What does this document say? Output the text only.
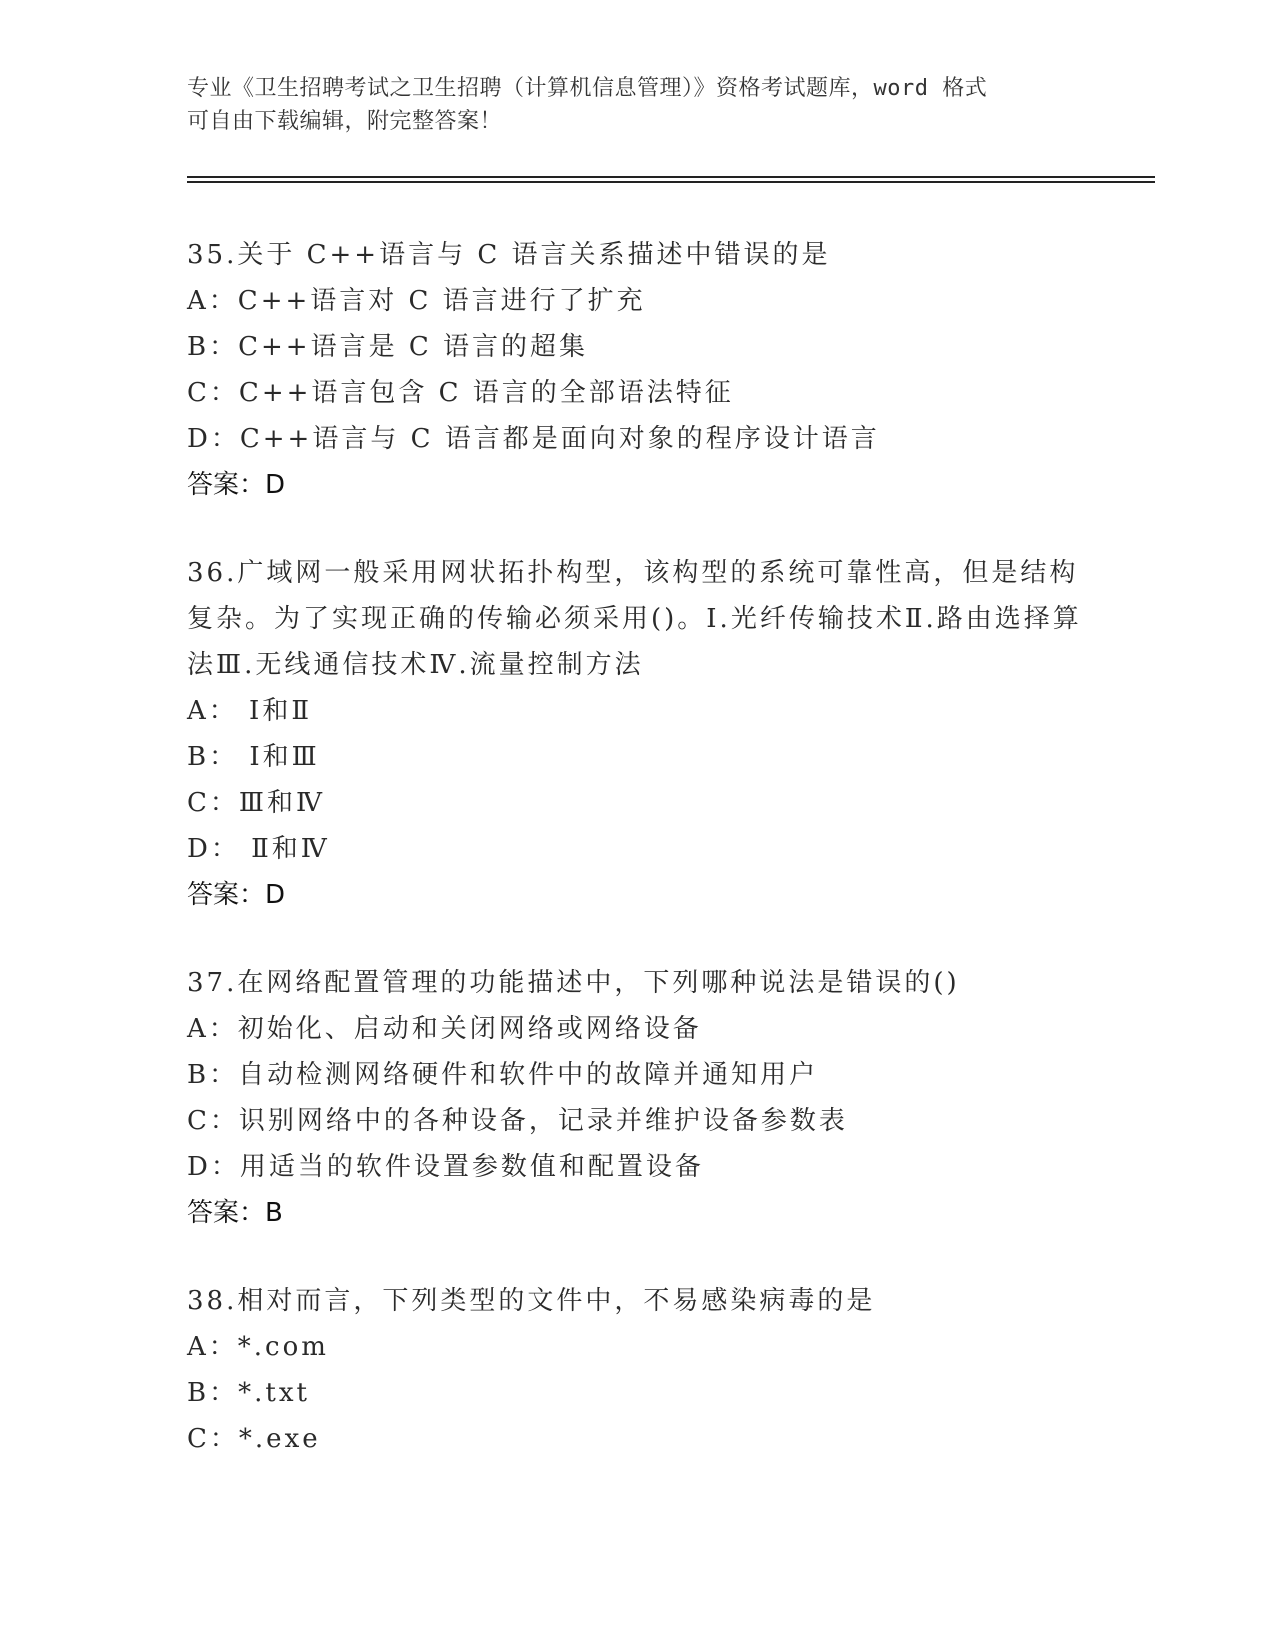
专业《卫生招聘考试之卫生招聘（计算机信息管理）》资格考试题库，word 格式
可自由下载编辑，附完整答案！
35.关于 C++语言与 C 语言关系描述中错误的是
A：C++语言对 C 语言进行了扩充
B：C++语言是 C 语言的超集
C：C++语言包含 C 语言的全部语法特征
D：C++语言与 C 语言都是面向对象的程序设计语言
答案：D
36.广域网一般采用网状拓扑构型，该构型的系统可靠性高，但是结构复杂。为了实现正确的传输必须采用()。Ⅰ.光纤传输技术Ⅱ.路由选择算法Ⅲ.无线通信技术Ⅳ.流量控制方法
A： Ⅰ和Ⅱ
B： Ⅰ和Ⅲ
C：Ⅲ和Ⅳ
D： Ⅱ和Ⅳ
答案：D
37.在网络配置管理的功能描述中，下列哪种说法是错误的()
A：初始化、启动和关闭网络或网络设备
B：自动检测网络硬件和软件中的故障并通知用户
C：识别网络中的各种设备，记录并维护设备参数表
D：用适当的软件设置参数值和配置设备
答案：B
38.相对而言，下列类型的文件中，不易感染病毒的是
A：*.com
B：*.txt
C：*.exe
